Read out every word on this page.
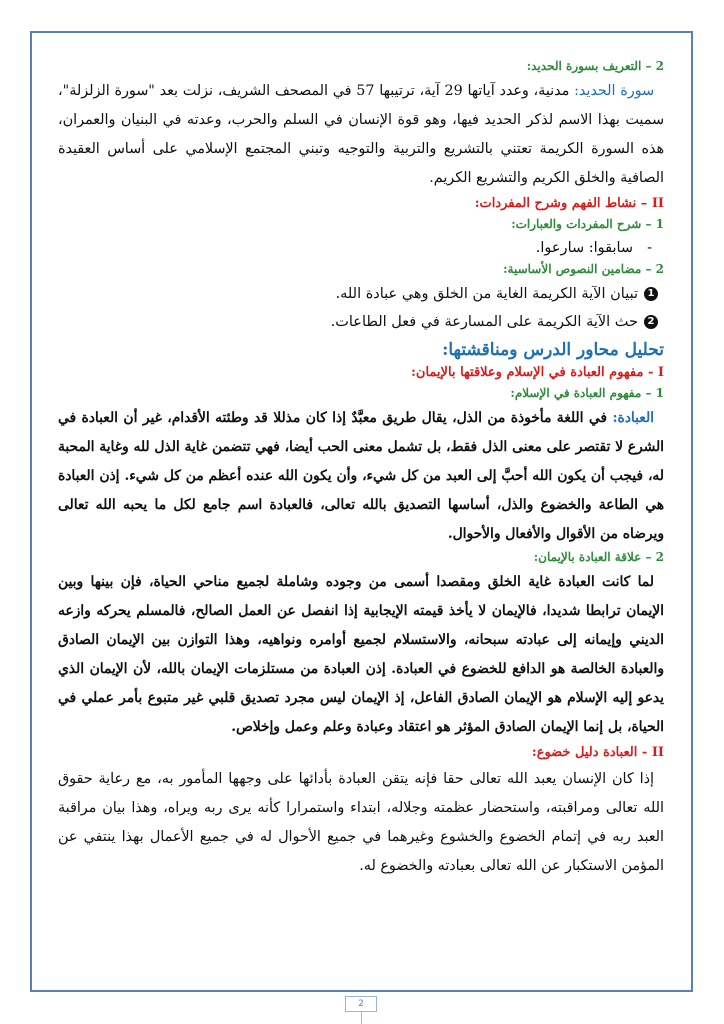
2 – التعريف بسورة الحديد:
سورة الحديد: مدنية، وعدد آياتها 29 آية، ترتيبها 57 في المصحف الشريف، نزلت بعد "سورة الزلزلة"، سميت بهذا الاسم لذكر الحديد فيها، وهو قوة الإنسان في السلم والحرب، وعدته في البنيان والعمران، هذه السورة الكريمة تعتني بالتشريع والتربية والتوجيه وتبني المجتمع الإسلامي على أساس العقيدة الصافية والخلق الكريم والتشريع الكريم.
II – نشاط الفهم وشرح المفردات:
1 – شرح المفردات والعبارات:
-سابقوا: سارعوا.
2 – مضامين النصوص الأساسية:
1تبيان الآية الكريمة الغاية من الخلق وهي عبادة الله.
2حث الآية الكريمة على المسارعة في فعل الطاعات.
تحليل محاور الدرس ومناقشتها:
I - مفهوم العبادة في الإسلام وعلاقتها بالإيمان:
1 – مفهوم العبادة في الإسلام:
العبادة: في اللغة مأخوذة من الذل، يقال طريق معبَّدٌ إذا كان مذللا قد وطئته الأقدام، غير أن العبادة في الشرع لا تقتصر على معنى الذل فقط، بل تشمل معنى الحب أيضا، فهي تتضمن غاية الذل لله وغاية المحبة له، فيجب أن يكون الله أحبَّ إلى العبد من كل شيء، وأن يكون الله عنده أعظم من كل شيء. إذن العبادة هي الطاعة والخضوع والذل، أساسها التصديق بالله تعالى، فالعبادة اسم جامع لكل ما يحبه الله تعالى ويرضاه من الأقوال والأفعال والأحوال.
2 – علاقة العبادة بالإيمان:
لما كانت العبادة غاية الخلق ومقصدا أسمى من وجوده وشاملة لجميع مناحي الحياة، فإن بينها وبين الإيمان ترابطا شديدا، فالإيمان لا يأخذ قيمته الإيجابية إذا انفصل عن العمل الصالح، فالمسلم يحركه وازعه الديني وإيمانه إلى عبادته سبحانه، والاستسلام لجميع أوامره ونواهيه، وهذا التوازن بين الإيمان الصادق والعبادة الخالصة هو الدافع للخضوع في العبادة. إذن العبادة من مستلزمات الإيمان بالله، لأن الإيمان الذي يدعو إليه الإسلام هو الإيمان الصادق الفاعل، إذ الإيمان ليس مجرد تصديق قلبي غير متبوع بأمر عملي في الحياة، بل إنما الإيمان الصادق المؤثر هو اعتقاد وعبادة وعلم وعمل وإخلاص.
II - العبادة دليل خضوع:
إذا كان الإنسان يعبد الله تعالى حقا فإنه يتقن العبادة بأدائها على وجهها المأمور به، مع رعاية حقوق الله تعالى ومراقبته، واستحضار عظمته وجلاله، ابتداء واستمرارا كأنه يرى ربه ويراه، وهذا بيان مراقبة العبد ربه في إتمام الخضوع والخشوع وغيرهما في جميع الأحوال له في جميع الأعمال بهذا ينتفي عن المؤمن الاستكبار عن الله تعالى بعبادته والخضوع له.
2
